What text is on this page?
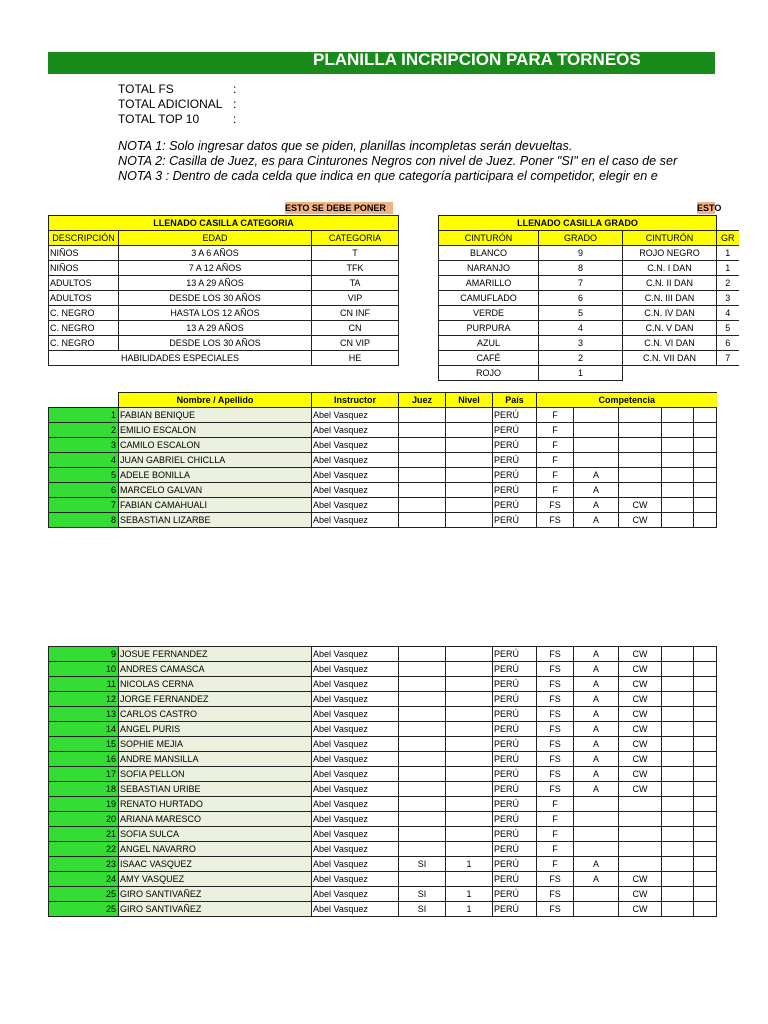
PLANILLA INCRIPCION PARA TORNEOS
TOTAL FS	:
TOTAL ADICIONAL :
TOTAL TOP 10	:
NOTA 1: Solo ingresar datos que se piden, planillas incompletas serán devueltas.
NOTA 2: Casilla de Juez, es para Cinturones Negros con nivel de Juez. Poner "SI" en el caso de ser
NOTA 3 : Dentro de cada celda que indica en que categoría participara el competidor, elegir en e
ESTO SE DEBE PONER	ESTO
LLENADO CASILLA CATEGORIA		
DESCRIPCIÓN	EDAD	CATEGORIA
NIÑOS	3 A 6 AÑOS	T
NIÑOS	7 A 12 AÑOS	TFK
ADULTOS	13 A 29 AÑOS	TA
ADULTOS	DESDE LOS 30 AÑOS	VIP
C. NEGRO	HASTA LOS 12 AÑOS	CN INF
C. NEGRO	13 A 29 AÑOS	CN
C. NEGRO	DESDE LOS 30 AÑOS	CN VIP
HABILIDADES ESPECIALES		HE
LLENADO CASILLA GRADO			
CINTURÓN	GRADO	CINTURÓN	GR
BLANCO	9	ROJO NEGRO	1
NARANJO	8	C.N. I DAN	1
AMARILLO	7	C.N. II DAN	2
CAMUFLADO	6	C.N. III DAN	3
VERDE	5	C.N. IV DAN	4
PURPURA	4	C.N. V DAN	5
AZUL	3	C.N. VI DAN	6
CAFÉ	2	C.N. VII DAN	7
ROJO	1		
	Nombre / Apellido	Instructor	Juez	Nivel	País	Competencia				
1	FABIAN BENIQUE	Abel Vasquez			PERÚ	F				
2	EMILIO ESCALON	Abel Vasquez			PERÚ	F				
3	CAMILO ESCALON	Abel Vasquez			PERÚ	F				
4	JUAN GABRIEL CHICLLA	Abel Vasquez			PERÚ	F				
5	ADELE BONILLA	Abel Vasquez			PERÚ	F	A			
6	MARCELO GALVAN	Abel Vasquez			PERÚ	F	A			
7	FABIAN CAMAHUALI	Abel Vasquez			PERÚ	FS	A	CW		
8	SEBASTIAN LIZARBE	Abel Vasquez			PERÚ	FS	A	CW		
9	JOSUE FERNANDEZ	Abel Vasquez			PERÚ	FS	A	CW		
10	ANDRES CAMASCA	Abel Vasquez			PERÚ	FS	A	CW		
11	NICOLAS CERNA	Abel Vasquez			PERÚ	FS	A	CW		
12	JORGE FERNANDEZ	Abel Vasquez			PERÚ	FS	A	CW		
13	CARLOS CASTRO	Abel Vasquez			PERÚ	FS	A	CW		
14	ANGEL PURIS	Abel Vasquez			PERÚ	FS	A	CW		
15	SOPHIE MEJIA	Abel Vasquez			PERÚ	FS	A	CW		
16	ANDRE MANSILLA	Abel Vasquez			PERÚ	FS	A	CW		
17	SOFIA PELLON	Abel Vasquez			PERÚ	FS	A	CW		
18	SEBASTIAN URIBE	Abel Vasquez			PERÚ	FS	A	CW		
19	RENATO HURTADO	Abel Vasquez			PERÚ	F				
20	ARIANA MARESCO	Abel Vasquez			PERÚ	F				
21	SOFIA SULCA	Abel Vasquez			PERÚ	F				
22	ANGEL NAVARRO	Abel Vasquez			PERÚ	F				
23	ISAAC VASQUEZ	Abel Vasquez	SI	1	PERÚ	F	A			
24	AMY VASQUEZ	Abel Vasquez			PERÚ	FS	A	CW		
25	GIRO SANTIVAÑEZ	Abel Vasquez	SI	1	PERÚ	FS		CW		
25	GIRO SANTIVAÑEZ	Abel Vasquez	SI	1	PERÚ	FS		CW		
